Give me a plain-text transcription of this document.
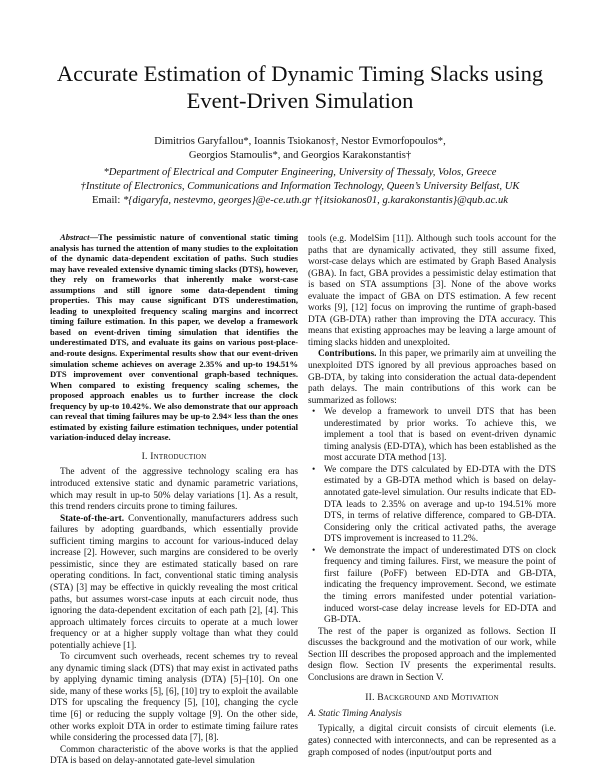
Accurate Estimation of Dynamic Timing Slacks using Event-Driven Simulation
Dimitrios Garyfallou*, Ioannis Tsiokanos†, Nestor Evmorfopoulos*,
Georgios Stamoulis*, and Georgios Karakonstantis†
*Department of Electrical and Computer Engineering, University of Thessaly, Volos, Greece
†Institute of Electronics, Communications and Information Technology, Queen’s University Belfast, UK
Email: *{digaryfa, nestevmo, georges}@e-ce.uth.gr †{itsiokanos01, g.karakonstantis}@qub.ac.uk

Abstract—The pessimistic nature of conventional static timing analysis has turned the attention of many studies to the exploitation of the dynamic data-dependent excitation of paths. Such studies may have revealed extensive dynamic timing slacks (DTS), however, they rely on frameworks that inherently make worst-case assumptions and still ignore some data-dependent timing properties. This may cause significant DTS underestimation, leading to unexploited frequency scaling margins and incorrect timing failure estimation. In this paper, we develop a framework based on event-driven timing simulation that identifies the underestimated DTS, and evaluate its gains on various post-place-and-route designs. Experimental results show that our event-driven simulation scheme achieves on average 2.35% and up-to 194.51% DTS improvement over conventional graph-based techniques. When compared to existing frequency scaling schemes, the proposed approach enables us to further increase the clock frequency by up-to 10.42%. We also demonstrate that our approach can reveal that timing failures may be up-to 2.94× less than the ones estimated by existing failure estimation techniques, under potential variation-induced delay increase.

I. Introduction

The advent of the aggressive technology scaling era has introduced extensive static and dynamic parametric variations, which may result in up-to 50% delay variations [1]. As a result, this trend renders circuits prone to timing failures.

State-of-the-art. Conventionally, manufacturers address such failures by adopting guardbands, which essentially provide sufficient timing margins to account for various-induced delay increase [2]. However, such margins are considered to be overly pessimistic, since they are estimated statically based on rare operating conditions. In fact, conventional static timing analysis (STA) [3] may be effective in quickly revealing the most critical paths, but assumes worst-case inputs at each circuit node, thus ignoring the data-dependent excitation of each path [2], [4]. This approach ultimately forces circuits to operate at a much lower frequency or at a higher supply voltage than what they could potentially achieve [1].

To circumvent such overheads, recent schemes try to reveal any dynamic timing slack (DTS) that may exist in activated paths by applying dynamic timing analysis (DTA) [5]–[10]. On one side, many of these works [5], [6], [10] try to exploit the available DTS for upscaling the frequency [5], [10], changing the cycle time [6] or reducing the supply voltage [9]. On the other side, other works exploit DTA in order to estimate timing failure rates while considering the processed data [7], [8].

Common characteristic of the above works is that the applied DTA is based on delay-annotated gate-level simulation

tools (e.g. ModelSim [11]). Although such tools account for the paths that are dynamically activated, they still assume fixed, worst-case delays which are estimated by Graph Based Analysis (GBA). In fact, GBA provides a pessimistic delay estimation that is based on STA assumptions [3]. None of the above works evaluate the impact of GBA on DTS estimation. A few recent works [9], [12] focus on improving the runtime of graph-based DTA (GB-DTA) rather than improving the DTA accuracy. This means that existing approaches may be leaving a large amount of timing slacks hidden and unexploited.

Contributions. In this paper, we primarily aim at unveiling the unexploited DTS ignored by all previous approaches based on GB-DTA, by taking into consideration the actual data-dependent path delays. The main contributions of this work can be summarized as follows:

• We develop a framework to unveil DTS that has been underestimated by prior works. To achieve this, we implement a tool that is based on event-driven dynamic timing analysis (ED-DTA), which has been established as the most accurate DTA method [13].
• We compare the DTS calculated by ED-DTA with the DTS estimated by a GB-DTA method which is based on delay-annotated gate-level simulation. Our results indicate that ED-DTA leads to 2.35% on average and up-to 194.51% more DTS, in terms of relative difference, compared to GB-DTA. Considering only the critical activated paths, the average DTS improvement is increased to 11.2%.
• We demonstrate the impact of underestimated DTS on clock frequency and timing failures. First, we measure the point of first failure (PoFF) between ED-DTA and GB-DTA, indicating the frequency improvement. Second, we estimate the timing errors manifested under potential variation-induced worst-case delay increase levels for ED-DTA and GB-DTA.

The rest of the paper is organized as follows. Section II discusses the background and the motivation of our work, while Section III describes the proposed approach and the implemented design flow. Section IV presents the experimental results. Conclusions are drawn in Section V.

II. Background and Motivation
A. Static Timing Analysis

Typically, a digital circuit consists of circuit elements (i.e. gates) connected with interconnects, and can be represented as a graph composed of nodes (input/output ports and
